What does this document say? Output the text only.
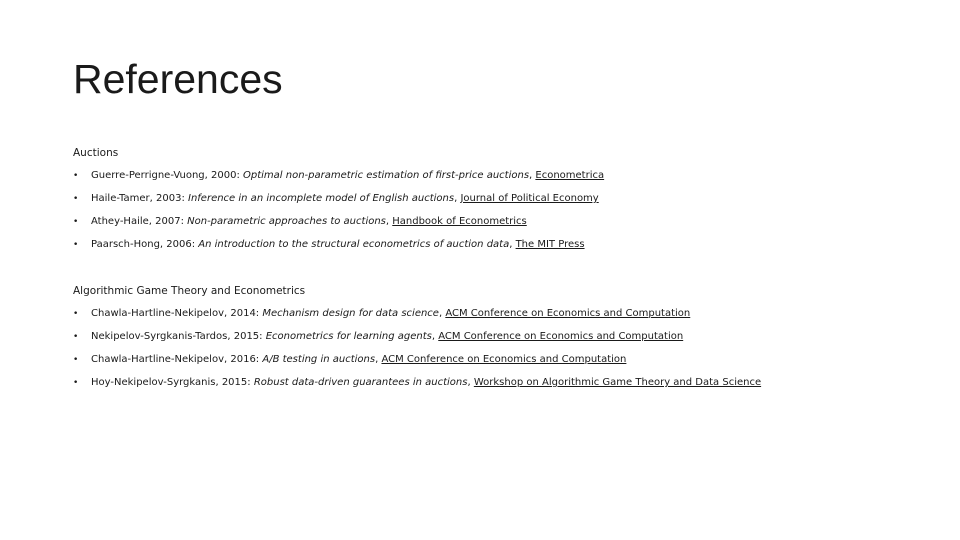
References
Auctions
• Guerre-Perrigne-Vuong, 2000: Optimal non-parametric estimation of first-price auctions, Econometrica
• Haile-Tamer, 2003: Inference in an incomplete model of English auctions, Journal of Political Economy
• Athey-Haile, 2007: Non-parametric approaches to auctions, Handbook of Econometrics
• Paarsch-Hong, 2006: An introduction to the structural econometrics of auction data, The MIT Press
Algorithmic Game Theory and Econometrics
• Chawla-Hartline-Nekipelov, 2014: Mechanism design for data science, ACM Conference on Economics and Computation
• Nekipelov-Syrgkanis-Tardos, 2015: Econometrics for learning agents, ACM Conference on Economics and Computation
• Chawla-Hartline-Nekipelov, 2016: A/B testing in auctions, ACM Conference on Economics and Computation
• Hoy-Nekipelov-Syrgkanis, 2015: Robust data-driven guarantees in auctions, Workshop on Algorithmic Game Theory and Data Science
